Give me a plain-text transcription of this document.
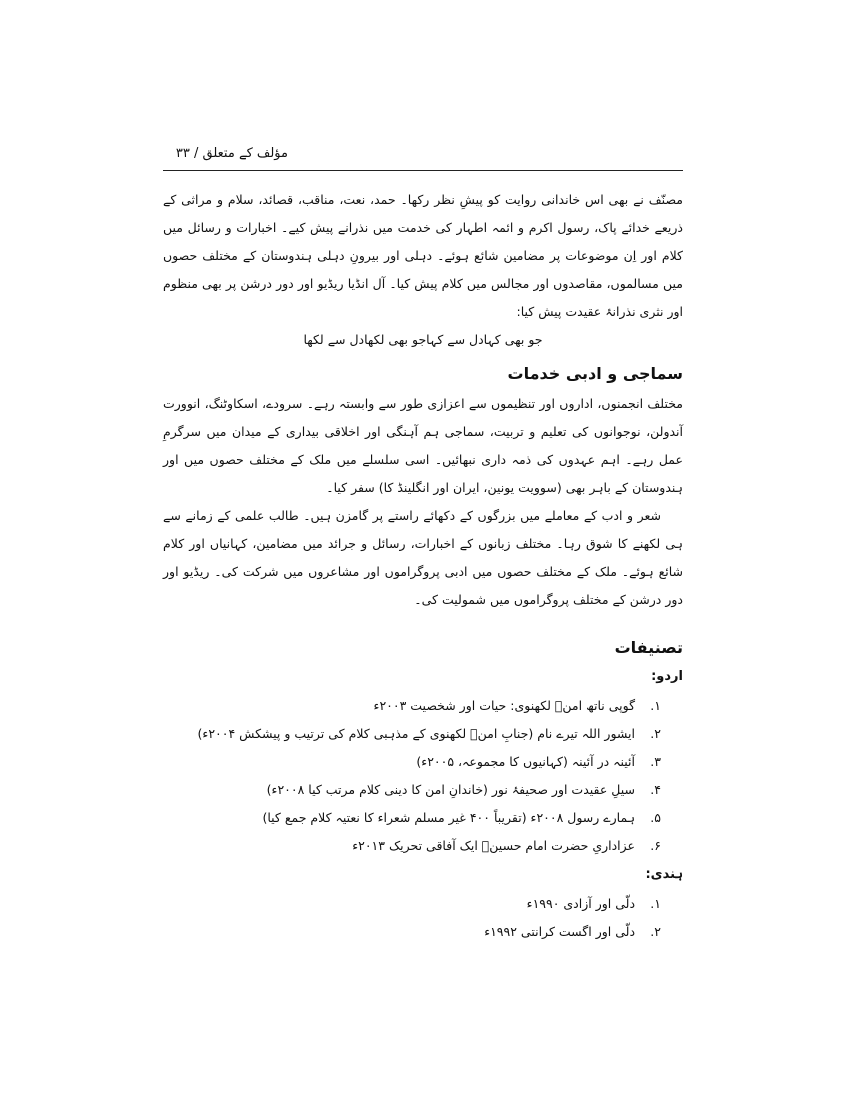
مؤلف کے متعلق / ۳۳

مصنّف نے بھی اس خاندانی روایت کو پیشِ نظر رکھا۔ حمد، نعت، مناقب، قصائد، سلام و مراثی کے ذریعے خدائے پاک، رسول اکرم و ائمہ اطہار کی خدمت میں نذرانے پیش کیے۔ اخبارات و رسائل میں کلام اور اِن موضوعات پر مضامین شائع ہوئے۔ دہلی اور بیرونِ دہلی ہندوستان کے مختلف حصوں میں مسالموں، مقاصدوں اور مجالس میں کلام پیش کیا۔ آل انڈیا ریڈیو اور دور درشن پر بھی منظوم اور نثری نذرانۂ عقیدت پیش کیا:

جو بھی کہادل سے کہاجو بھی لکھادل سے لکھا

سماجی و ادبی خدمات

مختلف انجمنوں، اداروں اور تنظیموں سے اعزازی طور سے وابستہ رہے۔ سرودے، اسکاوٹنگ، انوورت آندولن، نوجوانوں کی تعلیم و تربیت، سماجی ہم آہنگی اور اخلاقی بیداری کے میدان میں سرگرمِ عمل رہے۔ اہم عہدوں کی ذمہ داری نبھائیں۔ اسی سلسلے میں ملک کے مختلف حصوں میں اور ہندوستان کے باہر بھی (سوویت یونین، ایران اور انگلینڈ کا) سفر کیا۔

شعر و ادب کے معاملے میں بزرگوں کے دکھائے راستے پر گامزن ہیں۔ طالب علمی کے زمانے سے ہی لکھنے کا شوق رہا۔ مختلف زبانوں کے اخبارات، رسائل و جرائد میں مضامین، کہانیاں اور کلام شائع ہوئے۔ ملک کے مختلف حصوں میں ادبی پروگراموں اور مشاعروں میں شرکت کی۔ ریڈیو اور دور درشن کے مختلف پروگراموں میں شمولیت کی۔

تصنیفات
اردو:
۱. گوپی ناتھ امنؔ لکھنوی: حیات اور شخصیت ۲۰۰۳ء
۲. ایشور اللہ تیرے نام (جنابِ امنؔ لکھنوی کے مذہبی کلام کی ترتیب و پیشکش ۲۰۰۴ء)
۳. آئینہ در آئینہ (کہانیوں کا مجموعہ، ۲۰۰۵ء)
۴. سیلِ عقیدت اور صحیفۂ نور (خاندانِ امن کا دینی کلام مرتب کیا ۲۰۰۸ء)
۵. ہمارے رسول ۲۰۰۸ء (تقریباً ۴۰۰ غیر مسلم شعراء کا نعتیہ کلام جمع کیا)
۶. عزاداریِ حضرت امام حسینؑ ایک آفاقی تحریک ۲۰۱۳ء
ہندی:
۱. دلّی اور آزادی ۱۹۹۰ء
۲. دلّی اور اگست کرانتی ۱۹۹۲ء
